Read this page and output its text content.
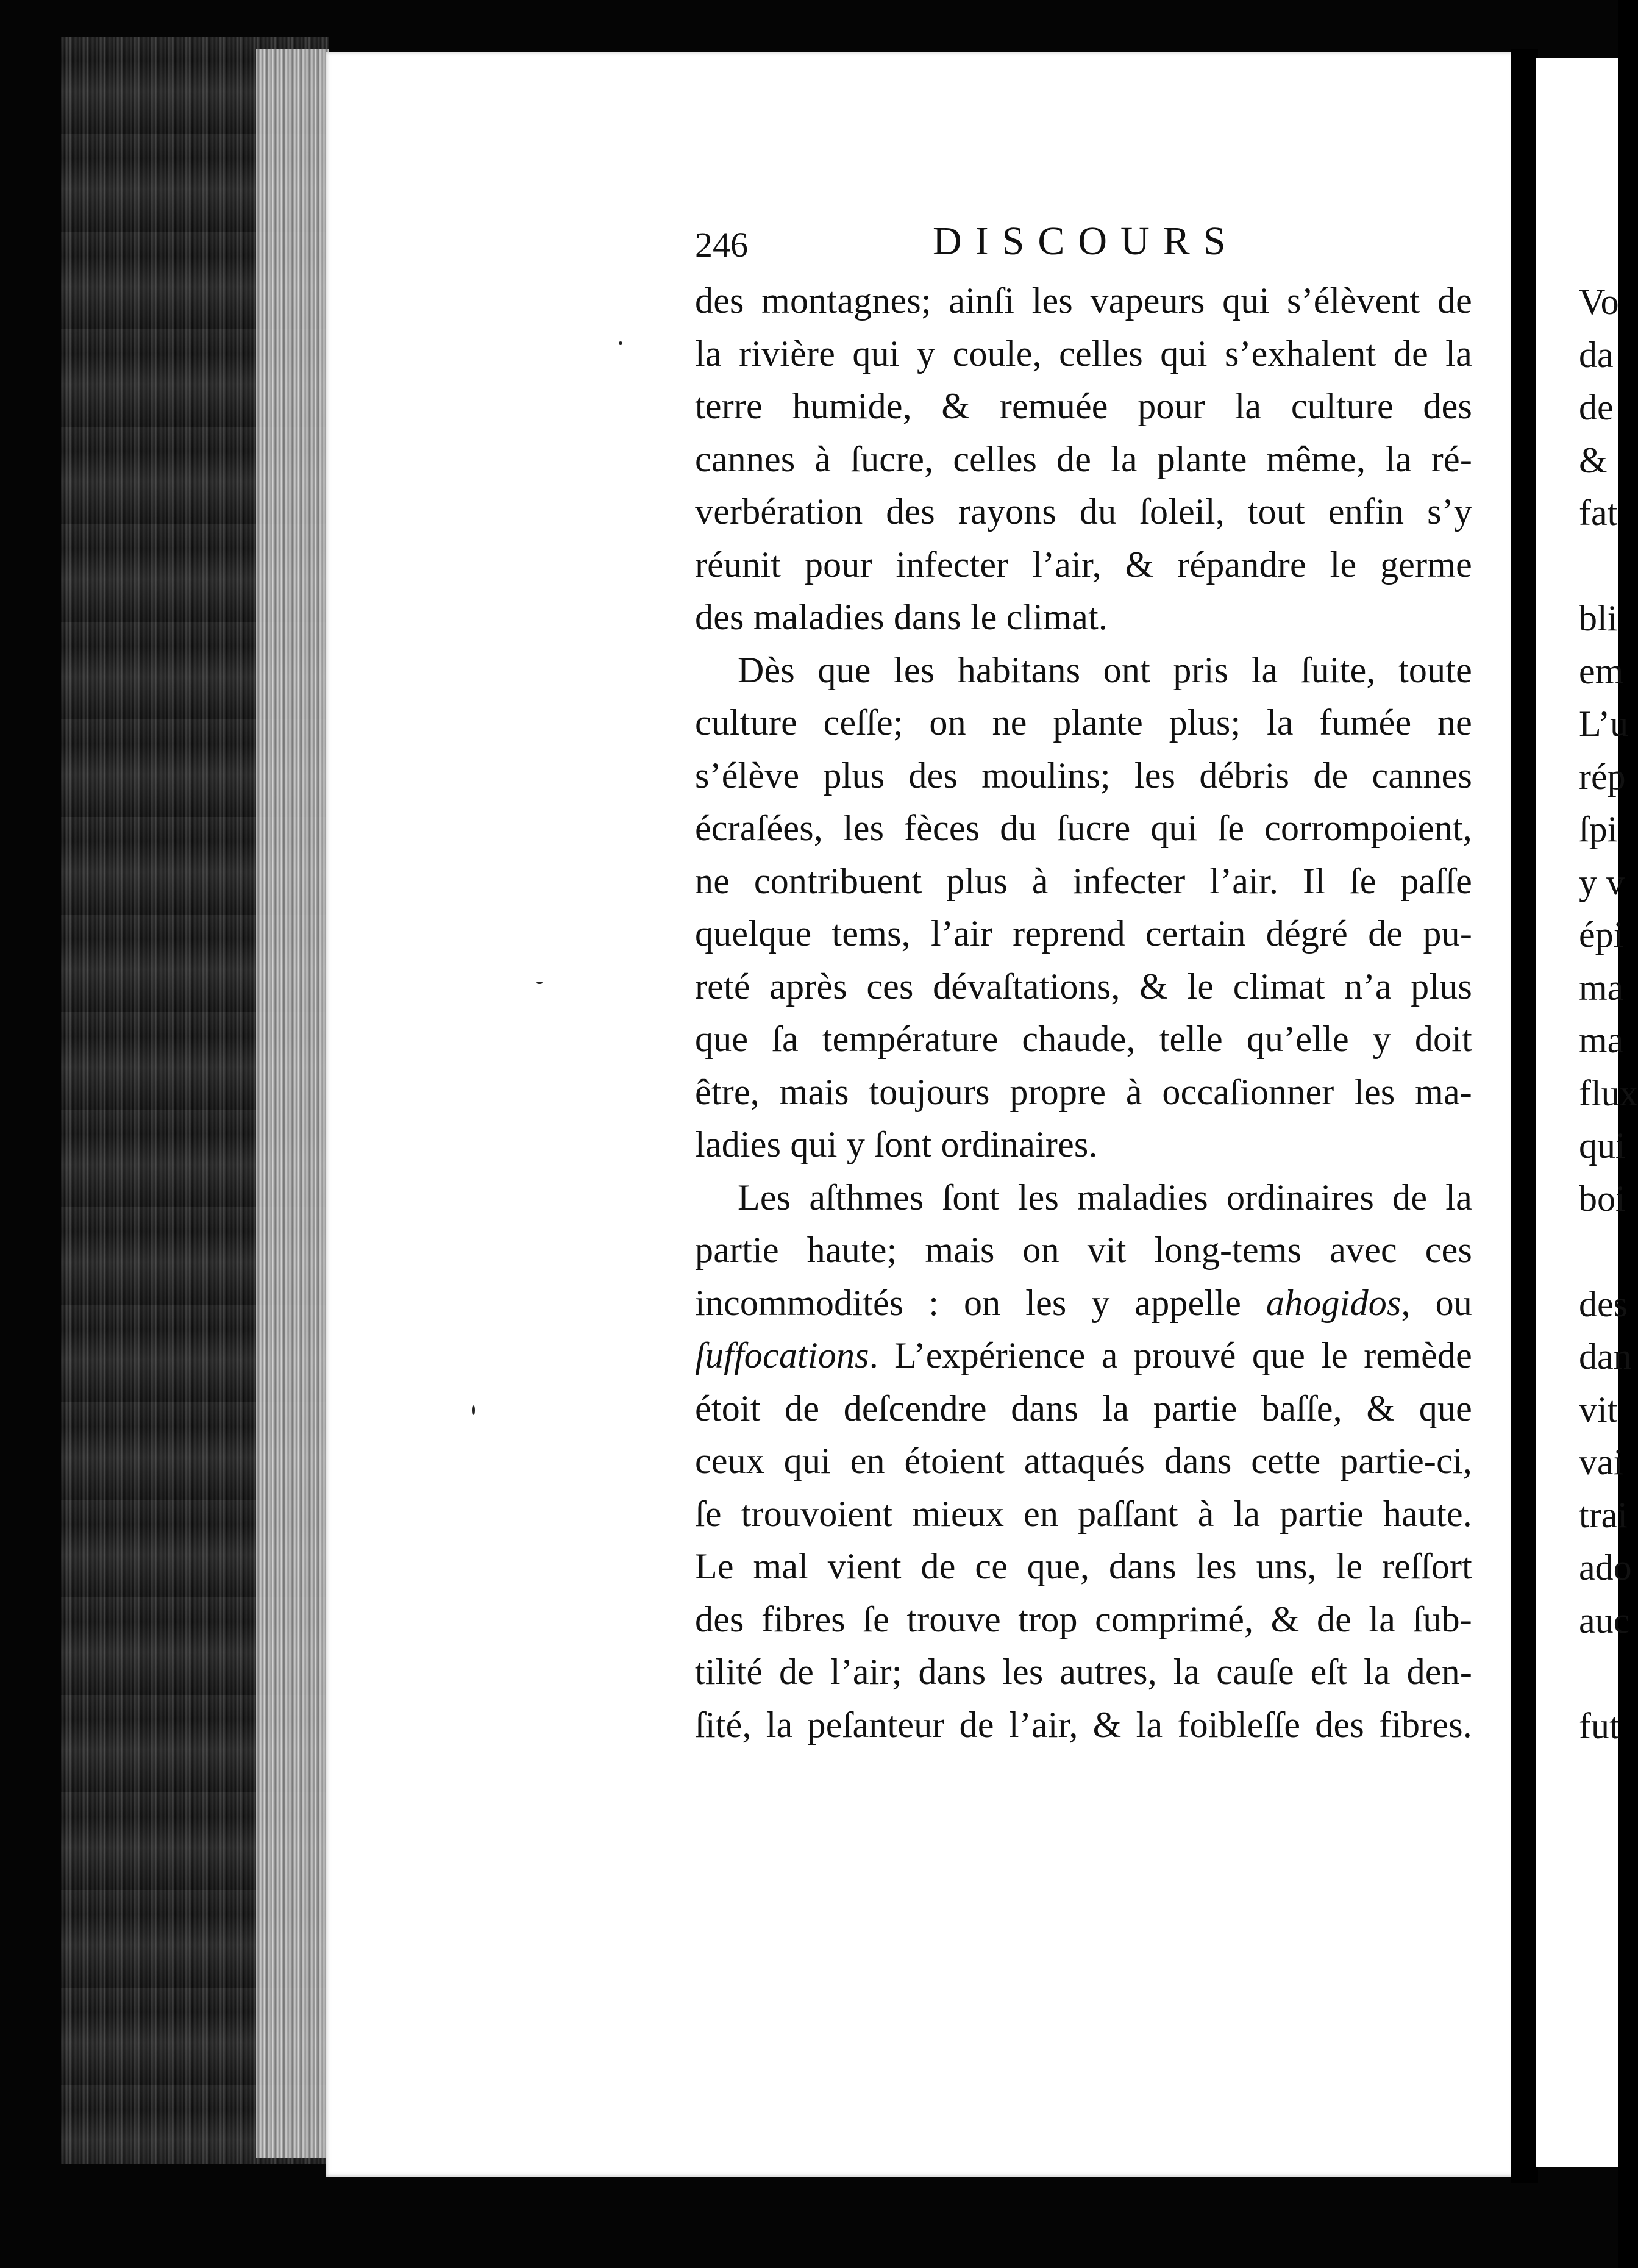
246	DISCOURS
des montagnes; ainſi les vapeurs qui s’élèvent de
la rivière qui y coule, celles qui s’exhalent de la
terre humide, & remuée pour la culture des
cannes à ſucre, celles de la plante même, la ré-
verbération des rayons du ſoleil, tout enfin s’y
réunit pour infecter l’air, & répandre le germe
des maladies dans le climat.
Dès que les habitans ont pris la ſuite, toute
culture ceſſe; on ne plante plus; la fumée ne
s’élève plus des moulins; les débris de cannes
écraſées, les fèces du ſucre qui ſe corrompoient,
ne contribuent plus à infecter l’air. Il ſe paſſe
quelque tems, l’air reprend certain dégré de pu-
reté après ces dévaſtations, & le climat n’a plus
que ſa température chaude, telle qu’elle y doit
être, mais toujours propre à occaſionner les ma-
ladies qui y ſont ordinaires.
Les aſthmes ſont les maladies ordinaires de la
partie haute; mais on vit long-tems avec ces
incommodités : on les y appelle ahogidos, ou
ſuffocations. L’expérience a prouvé que le remède
étoit de deſcendre dans la partie baſſe, & que
ceux qui en étoient attaqués dans cette partie-ci,
ſe trouvoient mieux en paſſant à la partie haute.
Le mal vient de ce que, dans les uns, le reſſort
des fibres ſe trouve trop comprimé, & de la ſub-
tilité de l’air; dans les autres, la cauſe eſt la den-
ſité, la peſanteur de l’air, & la foibleſſe des fibres.
Vo
da
de
&
fat
bli
em
L’u
rép
ſpi
y v
épi
ma
ma
flux
qui
boi
des
dan
vit
vai
trai
ado
auc
fut
